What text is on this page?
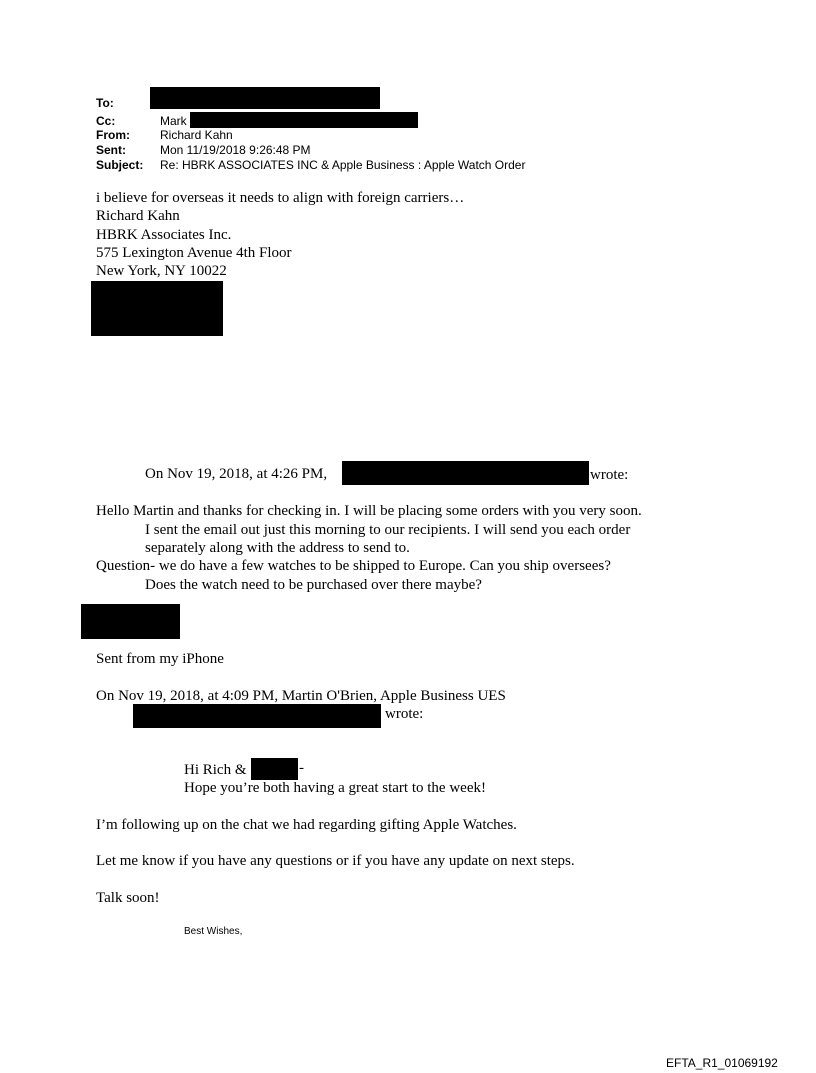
To:
Cc:	Mark
From:	Richard Kahn
Sent:	Mon 11/19/2018 9:26:48 PM
Subject: Re: HBRK ASSOCIATES INC & Apple Business : Apple Watch Order
i believe for overseas it needs to align with foreign carriers…
Richard Kahn
HBRK Associates Inc.
575 Lexington Avenue 4th Floor
New York, NY 10022
On Nov 19, 2018, at 4:26 PM,	wrote:
Hello Martin and thanks for checking in. I will be placing some orders with you very soon.
I sent the email out just this morning to our recipients. I will send you each order
separately along with the address to send to.
Question- we do have a few watches to be shipped to Europe. Can you ship oversees?
Does the watch need to be purchased over there maybe?
Sent from my iPhone
On Nov 19, 2018, at 4:09 PM, Martin O'Brien, Apple Business UES
wrote:
Hi Rich &	-
Hope you’re both having a great start to the week!
I’m following up on the chat we had regarding gifting Apple Watches.
Let me know if you have any questions or if you have any update on next steps.
Talk soon!
Best Wishes,
EFTA_R1_01069192
